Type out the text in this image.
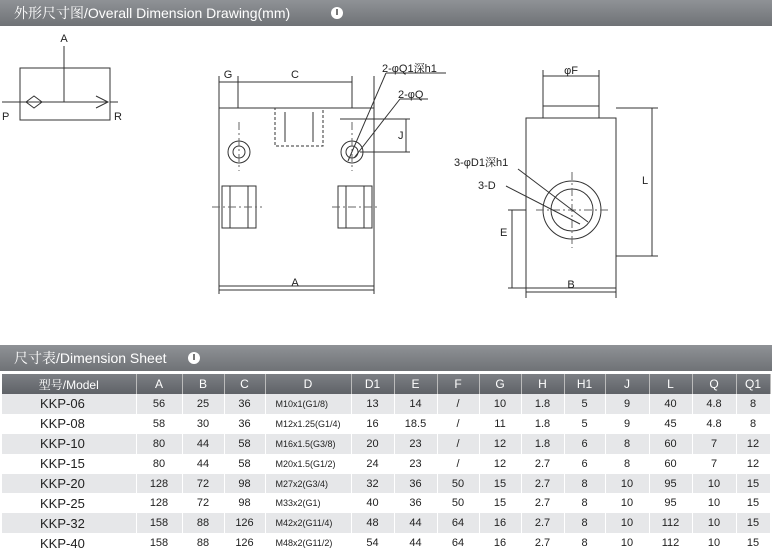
外形尺寸图/Overall Dimension Drawing(mm)
A
P	R
G	C	2-φQ1深h1
2-φQ
J
A
φF
3-φD1深h1
3-D	L
E
B
尺寸表/Dimension Sheet
型号/Model	A	B	C	D	D1	E	F	G	H	H1	J	L	Q	Q1
KKP-06	56	25	36	M10x1(G1/8)	13	14	/	10	1.8	5	9	40	4.8	8
KKP-08	58	30	36	M12x1.25(G1/4)	16	18.5	/	11	1.8	5	9	45	4.8	8
KKP-10	80	44	58	M16x1.5(G3/8)	20	23	/	12	1.8	6	8	60	7	12
KKP-15	80	44	58	M20x1.5(G1/2)	24	23	/	12	2.7	6	8	60	7	12
KKP-20	128	72	98	M27x2(G3/4)	32	36	50	15	2.7	8	10	95	10	15
KKP-25	128	72	98	M33x2(G1)	40	36	50	15	2.7	8	10	95	10	15
KKP-32	158	88	126	M42x2(G11/4)	48	44	64	16	2.7	8	10	112	10	15
KKP-40	158	88	126	M48x2(G11/2)	54	44	64	16	2.7	8	10	112	10	15
